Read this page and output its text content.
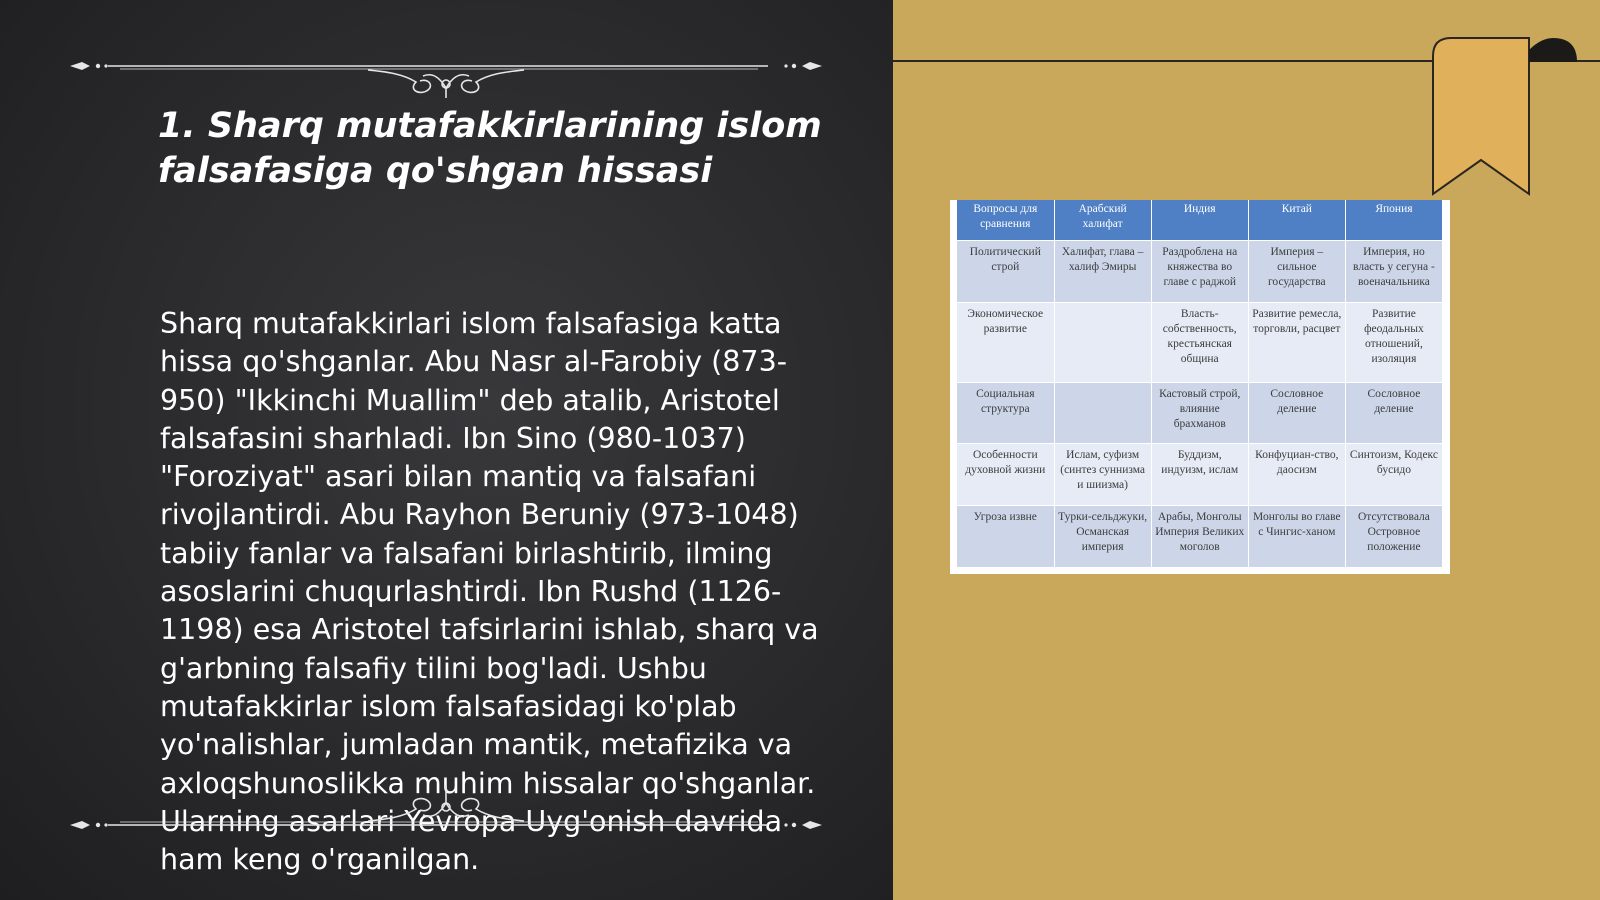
1. Sharq mutafakkirlarining islom falsafasiga qo'shgan hissasi

Sharq mutafakkirlari islom falsafasiga katta hissa qo'shganlar. Abu Nasr al-Farobiy (873-950) "Ikkinchi Muallim" deb atalib, Aristotel falsafasini sharhladi. Ibn Sino (980-1037) "Foroziyat" asari bilan mantiq va falsafani rivojlantirdi. Abu Rayhon Beruniy (973-1048) tabiiy fanlar va falsafani birlashtirib, ilming asoslarini chuqurlashtirdi. Ibn Rushd (1126-1198) esa Aristotel tafsirlarini ishlab, sharq va g'arbning falsafiy tilini bog'ladi. Ushbu mutafakkirlar islom falsafasidagi ko'plab yo'nalishlar, jumladan mantik, metafizika va axloqshunoslikka muhim hissalar qo'shganlar. Ularning asarlari Yevropa Uyg'onish davrida ham keng o'rganilgan.

Вопросы для сравнения	Арабский халифат	Индия	Китай	Япония
Политический строй	Халифат, глава – халиф Эмиры	Раздроблена на княжества во главе с раджой	Империя – сильное государства	Империя, но власть у сегуна - военачальника
Экономическое развитие		Власть-собственность, крестьянская община	Развитие ремесла, торговли, расцвет	Развитие феодальных отношений, изоляция
Социальная структура		Кастовый строй, влияние брахманов	Сословное деление	Сословное деление
Особенности духовной жизни	Ислам, суфизм (синтез суннизма и шиизма)	Буддизм, индуизм, ислам	Конфуциан-ство, даосизм	Синтоизм, Кодекс бусидо
Угроза извне	Турки-сельджуки, Османская империя	Арабы, Монголы Империя Великих моголов	Монголы во главе с Чингис-ханом	Отсутствовала Островное положение
